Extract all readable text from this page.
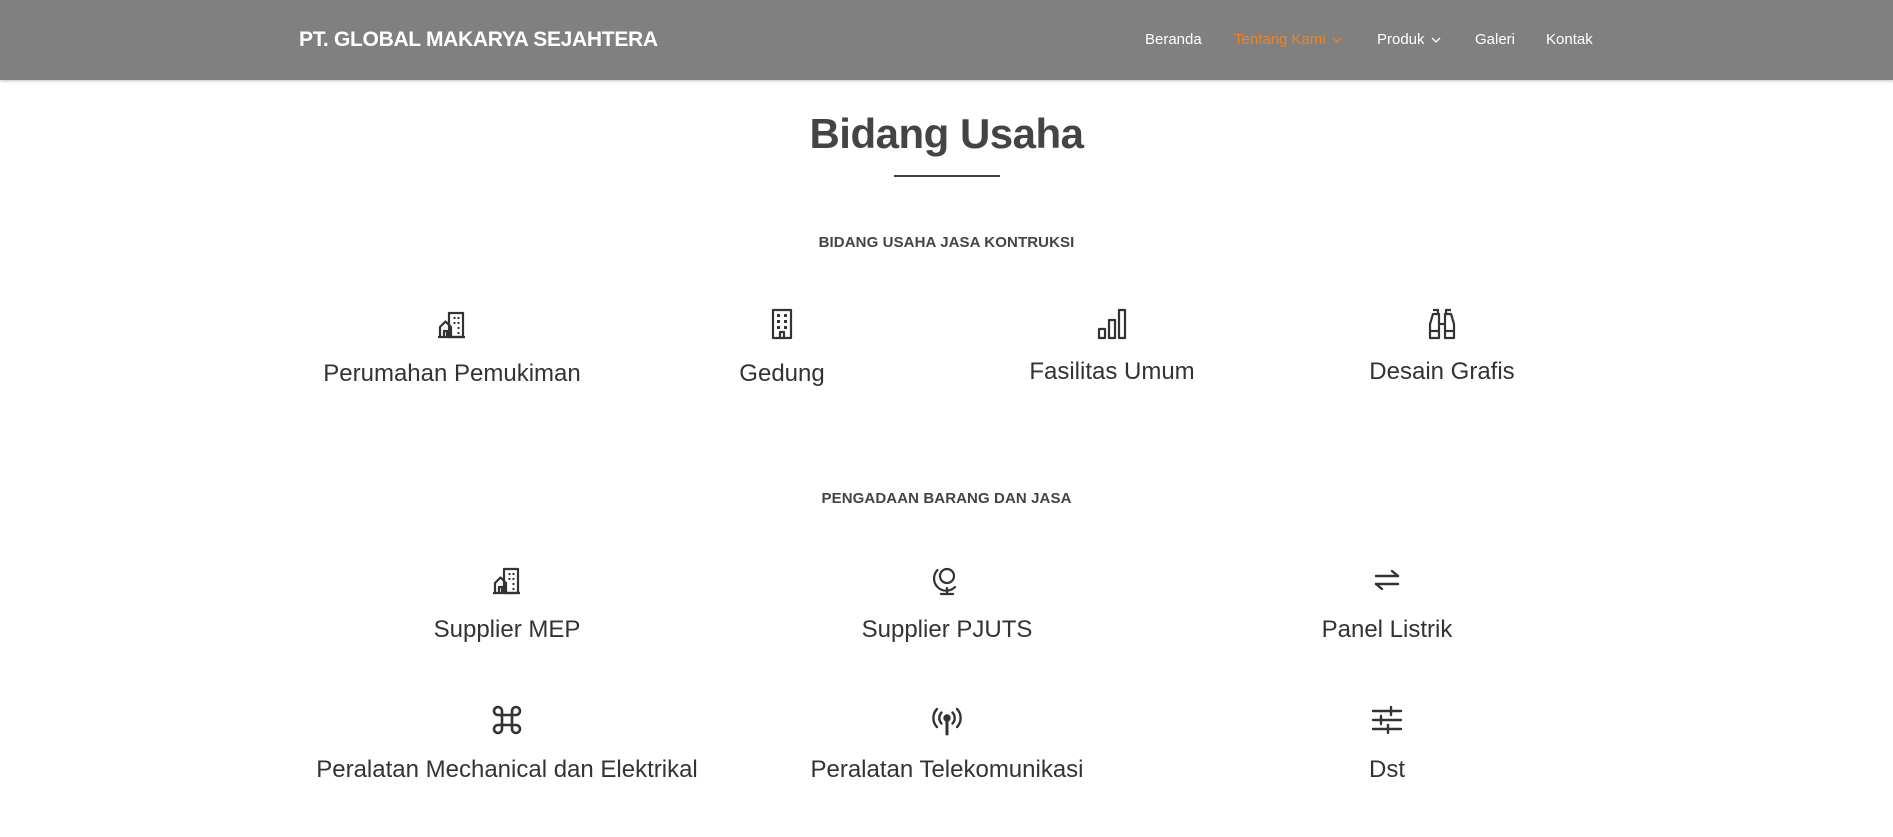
PT. GLOBAL MAKARYA SEJAHTERA	Beranda Tentang Kami	Produk	Galeri Kontak
Bidang Usaha
BIDANG USAHA JASA KONTRUKSI
Perumahan Pemukiman	Gedung	Fasilitas Umum	Desain Grafis
PENGADAAN BARANG DAN JASA
Supplier MEP	Supplier PJUTS	Panel Listrik
Peralatan Mechanical dan Elektrikal	Peralatan Telekomunikasi	Dst
